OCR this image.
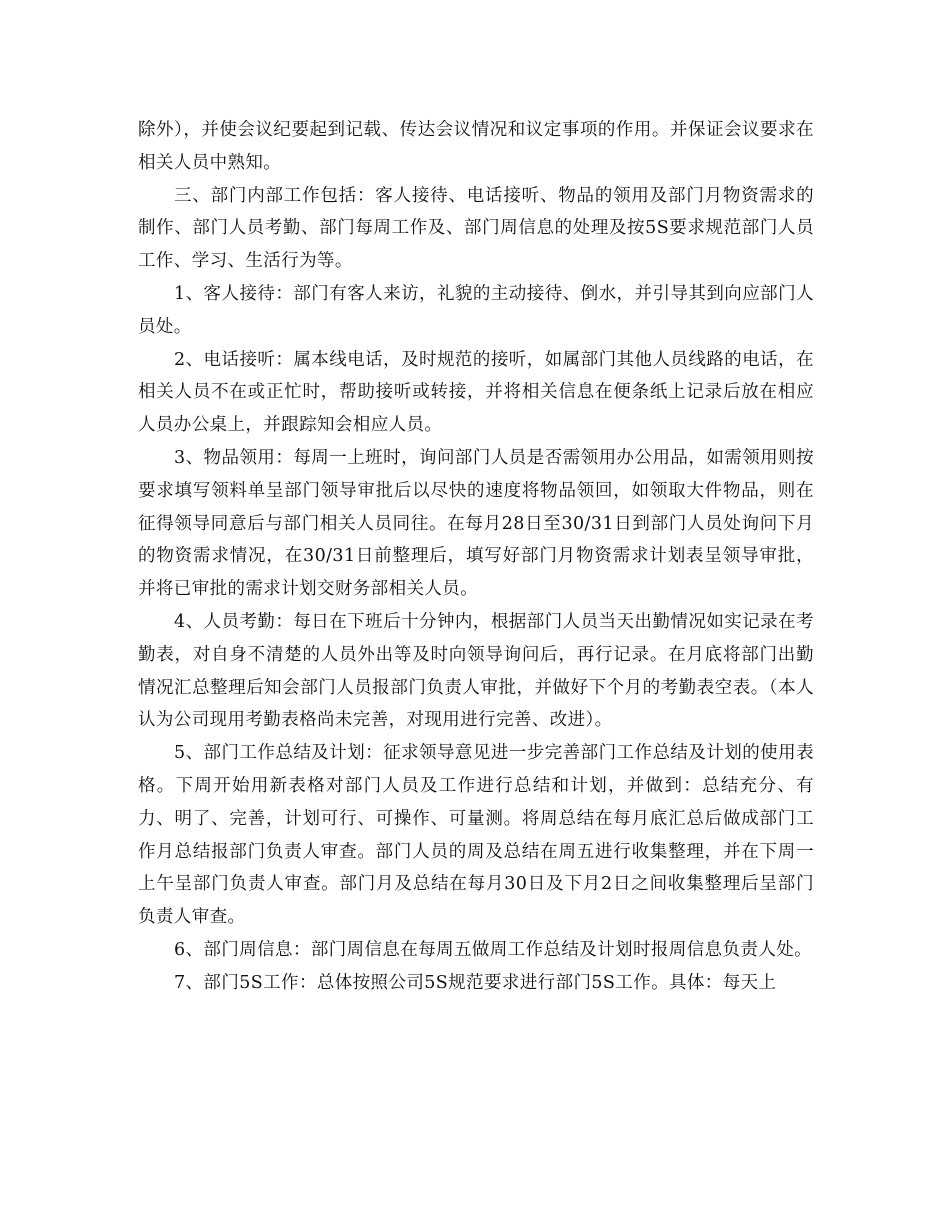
除外），并使会议纪要起到记载、传达会议情况和议定事项的作用。并保证会议要求在相关人员中熟知。

三、部门内部工作包括：客人接待、电话接听、物品的领用及部门月物资需求的制作、部门人员考勤、部门每周工作及、部门周信息的处理及按5S要求规范部门人员工作、学习、生活行为等。

1、客人接待：部门有客人来访，礼貌的主动接待、倒水，并引导其到向应部门人员处。

2、电话接听：属本线电话，及时规范的接听，如属部门其他人员线路的电话，在相关人员不在或正忙时，帮助接听或转接，并将相关信息在便条纸上记录后放在相应人员办公桌上，并跟踪知会相应人员。

3、物品领用：每周一上班时，询问部门人员是否需领用办公用品，如需领用则按要求填写领料单呈部门领导审批后以尽快的速度将物品领回，如领取大件物品，则在征得领导同意后与部门相关人员同往。在每月28日至30/31日到部门人员处询问下月的物资需求情况，在30/31日前整理后，填写好部门月物资需求计划表呈领导审批，并将已审批的需求计划交财务部相关人员。

4、人员考勤：每日在下班后十分钟内，根据部门人员当天出勤情况如实记录在考勤表，对自身不清楚的人员外出等及时向领导询问后，再行记录。在月底将部门出勤情况汇总整理后知会部门人员报部门负责人审批，并做好下个月的考勤表空表。（本人认为公司现用考勤表格尚未完善，对现用进行完善、改进）。

5、部门工作总结及计划：征求领导意见进一步完善部门工作总结及计划的使用表格。下周开始用新表格对部门人员及工作进行总结和计划，并做到：总结充分、有力、明了、完善，计划可行、可操作、可量测。将周总结在每月底汇总后做成部门工作月总结报部门负责人审查。部门人员的周及总结在周五进行收集整理，并在下周一上午呈部门负责人审查。部门月及总结在每月30日及下月2日之间收集整理后呈部门负责人审查。

6、部门周信息：部门周信息在每周五做周工作总结及计划时报周信息负责人处。

7、部门5S工作：总体按照公司5S规范要求进行部门5S工作。具体：每天上
